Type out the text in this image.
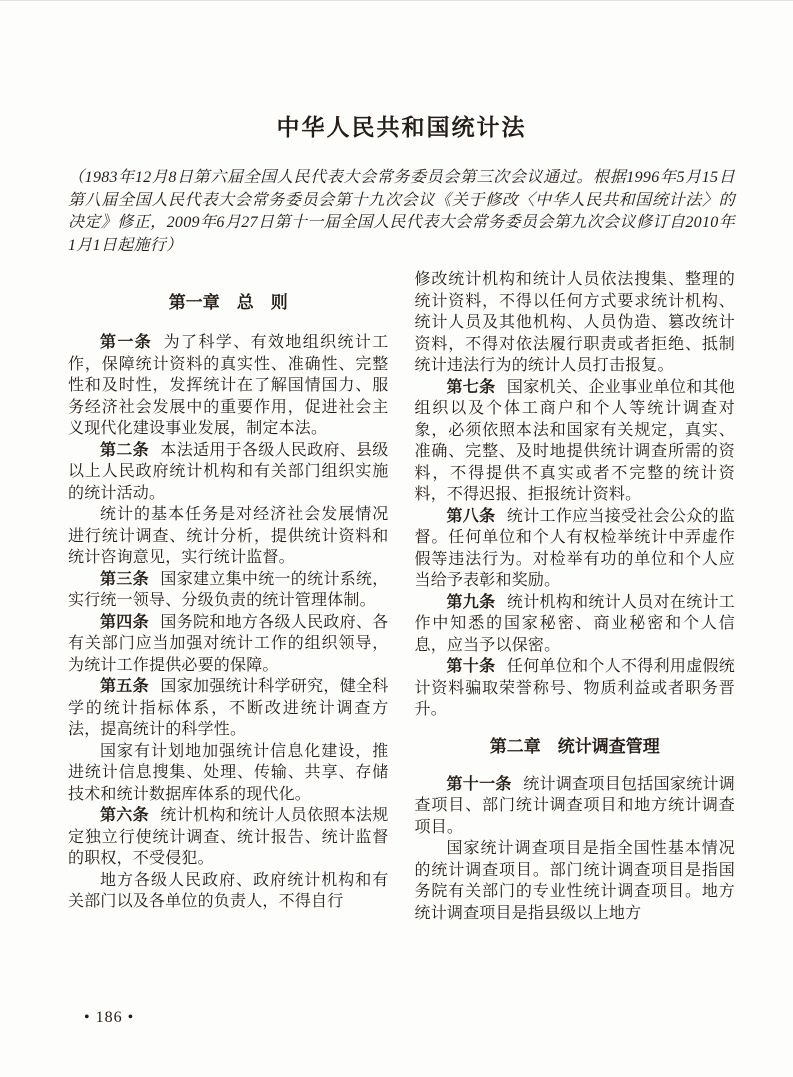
中华人民共和国统计法

（1983年12月8日第六届全国人民代表大会常务委员会第三次会议通过。根据1996年5月15日第八届全国人民代表大会常务委员会第十九次会议《关于修改〈中华人民共和国统计法〉的决定》修正，2009年6月27日第十一届全国人民代表大会常务委员会第九次会议修订自2010年1月1日起施行）

第一章　总　则

第一条 为了科学、有效地组织统计工作，保障统计资料的真实性、准确性、完整性和及时性，发挥统计在了解国情国力、服务经济社会发展中的重要作用，促进社会主义现代化建设事业发展，制定本法。

第二条 本法适用于各级人民政府、县级以上人民政府统计机构和有关部门组织实施的统计活动。

统计的基本任务是对经济社会发展情况进行统计调查、统计分析，提供统计资料和统计咨询意见，实行统计监督。

第三条 国家建立集中统一的统计系统，实行统一领导、分级负责的统计管理体制。

第四条 国务院和地方各级人民政府、各有关部门应当加强对统计工作的组织领导，为统计工作提供必要的保障。

第五条 国家加强统计科学研究，健全科学的统计指标体系，不断改进统计调查方法，提高统计的科学性。

国家有计划地加强统计信息化建设，推进统计信息搜集、处理、传输、共享、存储技术和统计数据库体系的现代化。

第六条 统计机构和统计人员依照本法规定独立行使统计调查、统计报告、统计监督的职权，不受侵犯。

地方各级人民政府、政府统计机构和有关部门以及各单位的负责人，不得自行

修改统计机构和统计人员依法搜集、整理的统计资料，不得以任何方式要求统计机构、统计人员及其他机构、人员伪造、篡改统计资料，不得对依法履行职责或者拒绝、抵制统计违法行为的统计人员打击报复。

第七条 国家机关、企业事业单位和其他组织以及个体工商户和个人等统计调查对象，必须依照本法和国家有关规定，真实、准确、完整、及时地提供统计调查所需的资料，不得提供不真实或者不完整的统计资料，不得迟报、拒报统计资料。

第八条 统计工作应当接受社会公众的监督。任何单位和个人有权检举统计中弄虚作假等违法行为。对检举有功的单位和个人应当给予表彰和奖励。

第九条 统计机构和统计人员对在统计工作中知悉的国家秘密、商业秘密和个人信息，应当予以保密。

第十条 任何单位和个人不得利用虚假统计资料骗取荣誉称号、物质利益或者职务晋升。

第二章　统计调查管理

第十一条 统计调查项目包括国家统计调查项目、部门统计调查项目和地方统计调查项目。

国家统计调查项目是指全国性基本情况的统计调查项目。部门统计调查项目是指国务院有关部门的专业性统计调查项目。地方统计调查项目是指县级以上地方

• 186 •
